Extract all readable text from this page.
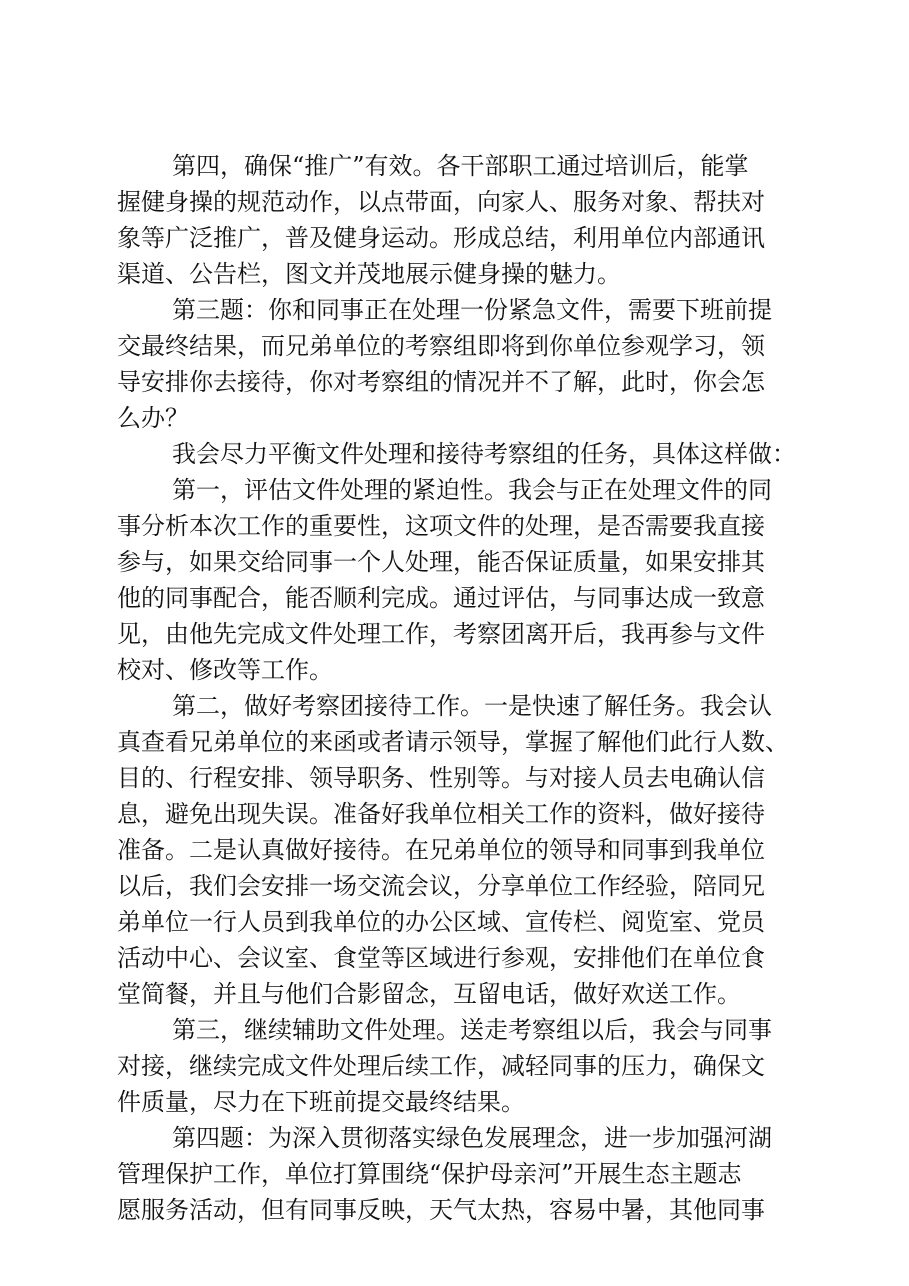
第四，确保“推广”有效。各干部职工通过培训后，能掌
握健身操的规范动作，以点带面，向家人、服务对象、帮扶对
象等广泛推广，普及健身运动。形成总结，利用单位内部通讯
渠道、公告栏，图文并茂地展示健身操的魅力。
第三题：你和同事正在处理一份紧急文件，需要下班前提
交最终结果，而兄弟单位的考察组即将到你单位参观学习，领
导安排你去接待，你对考察组的情况并不了解，此时，你会怎
么办？
我会尽力平衡文件处理和接待考察组的任务，具体这样做：
第一，评估文件处理的紧迫性。我会与正在处理文件的同
事分析本次工作的重要性，这项文件的处理，是否需要我直接
参与，如果交给同事一个人处理，能否保证质量，如果安排其
他的同事配合，能否顺利完成。通过评估，与同事达成一致意
见，由他先完成文件处理工作，考察团离开后，我再参与文件
校对、修改等工作。
第二，做好考察团接待工作。一是快速了解任务。我会认
真查看兄弟单位的来函或者请示领导，掌握了解他们此行人数、
目的、行程安排、领导职务、性别等。与对接人员去电确认信
息，避免出现失误。准备好我单位相关工作的资料，做好接待
准备。二是认真做好接待。在兄弟单位的领导和同事到我单位
以后，我们会安排一场交流会议，分享单位工作经验，陪同兄
弟单位一行人员到我单位的办公区域、宣传栏、阅览室、党员
活动中心、会议室、食堂等区域进行参观，安排他们在单位食
堂简餐，并且与他们合影留念，互留电话，做好欢送工作。
第三，继续辅助文件处理。送走考察组以后，我会与同事
对接，继续完成文件处理后续工作，减轻同事的压力，确保文
件质量，尽力在下班前提交最终结果。
第四题：为深入贯彻落实绿色发展理念，进一步加强河湖
管理保护工作，单位打算围绕“保护母亲河”开展生态主题志
愿服务活动，但有同事反映，天气太热，容易中暑，其他同事
